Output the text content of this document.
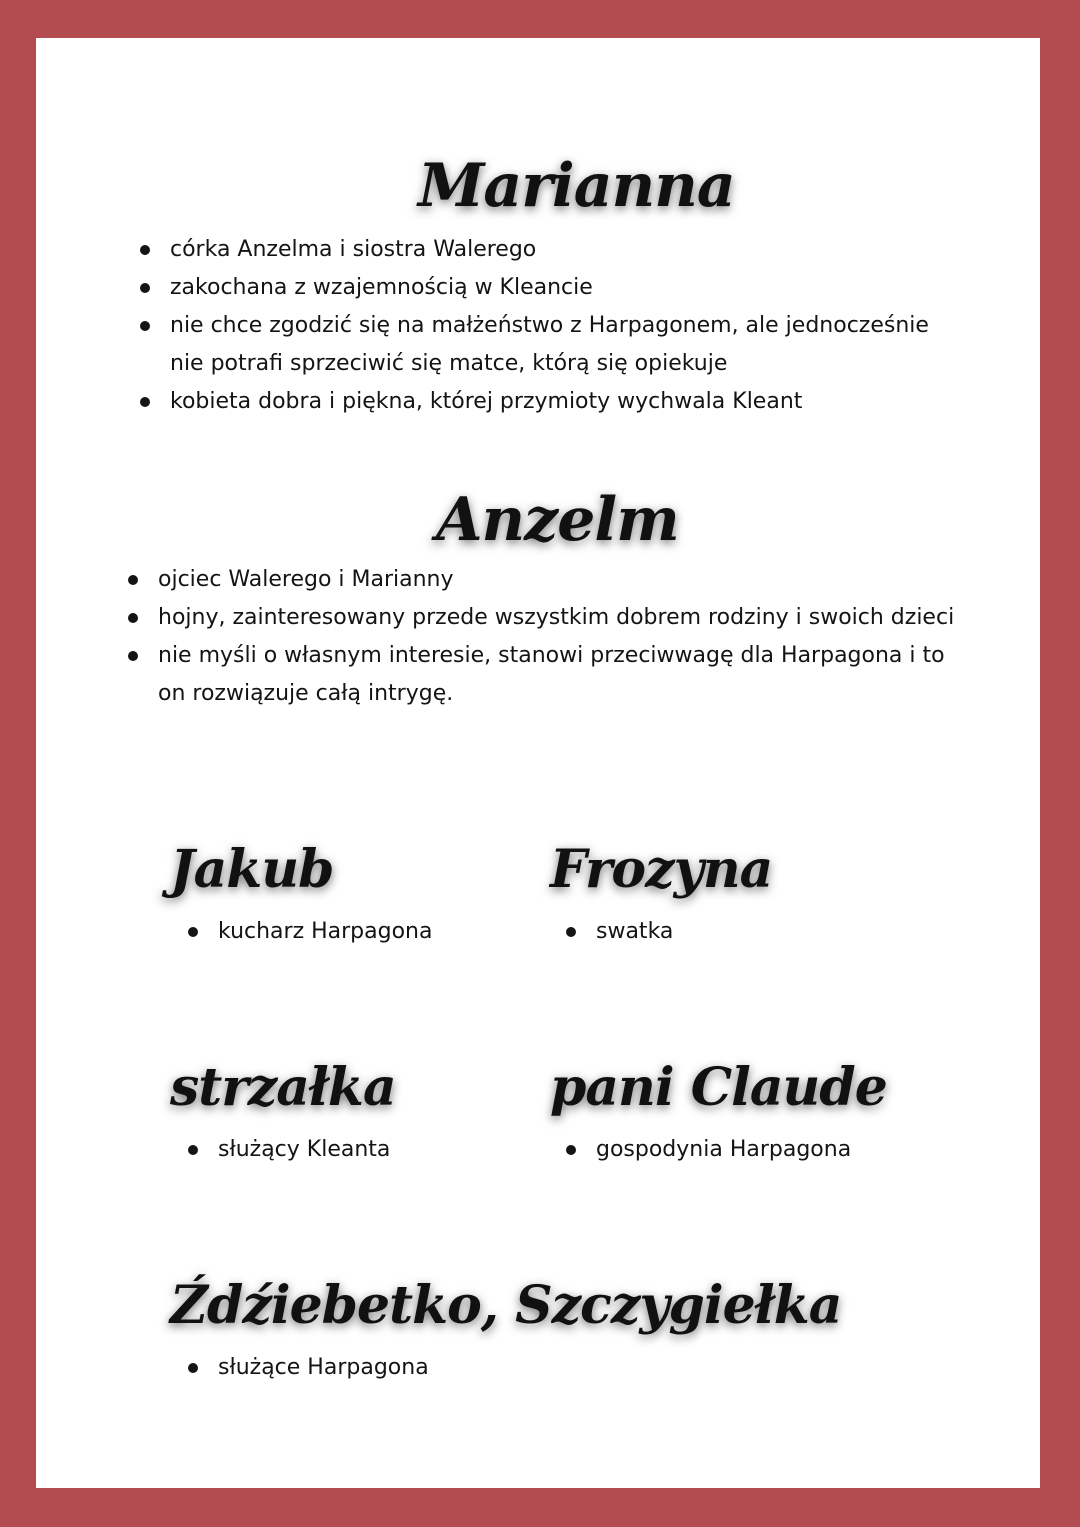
Marianna
córka Anzelma i siostra Walerego
zakochana z wzajemnością w Kleancie
nie chce zgodzić się na małżeństwo z Harpagonem, ale jednocześnie nie potrafi sprzeciwić się matce, którą się opiekuje
kobieta dobra i piękna, której przymioty wychwala Kleant
Anzelm
ojciec Walerego i Marianny
hojny, zainteresowany przede wszystkim dobrem rodziny i swoich dzieci
nie myśli o własnym interesie, stanowi przeciwwagę dla Harpagona i to on rozwiązuje całą intrygę.
Jakub
kucharz Harpagona
Frozyna
swatka
strzałka
służący Kleanta
pani Claude
gospodynia Harpagona
Źdźiebetko, Szczygiełka
służące Harpagona
